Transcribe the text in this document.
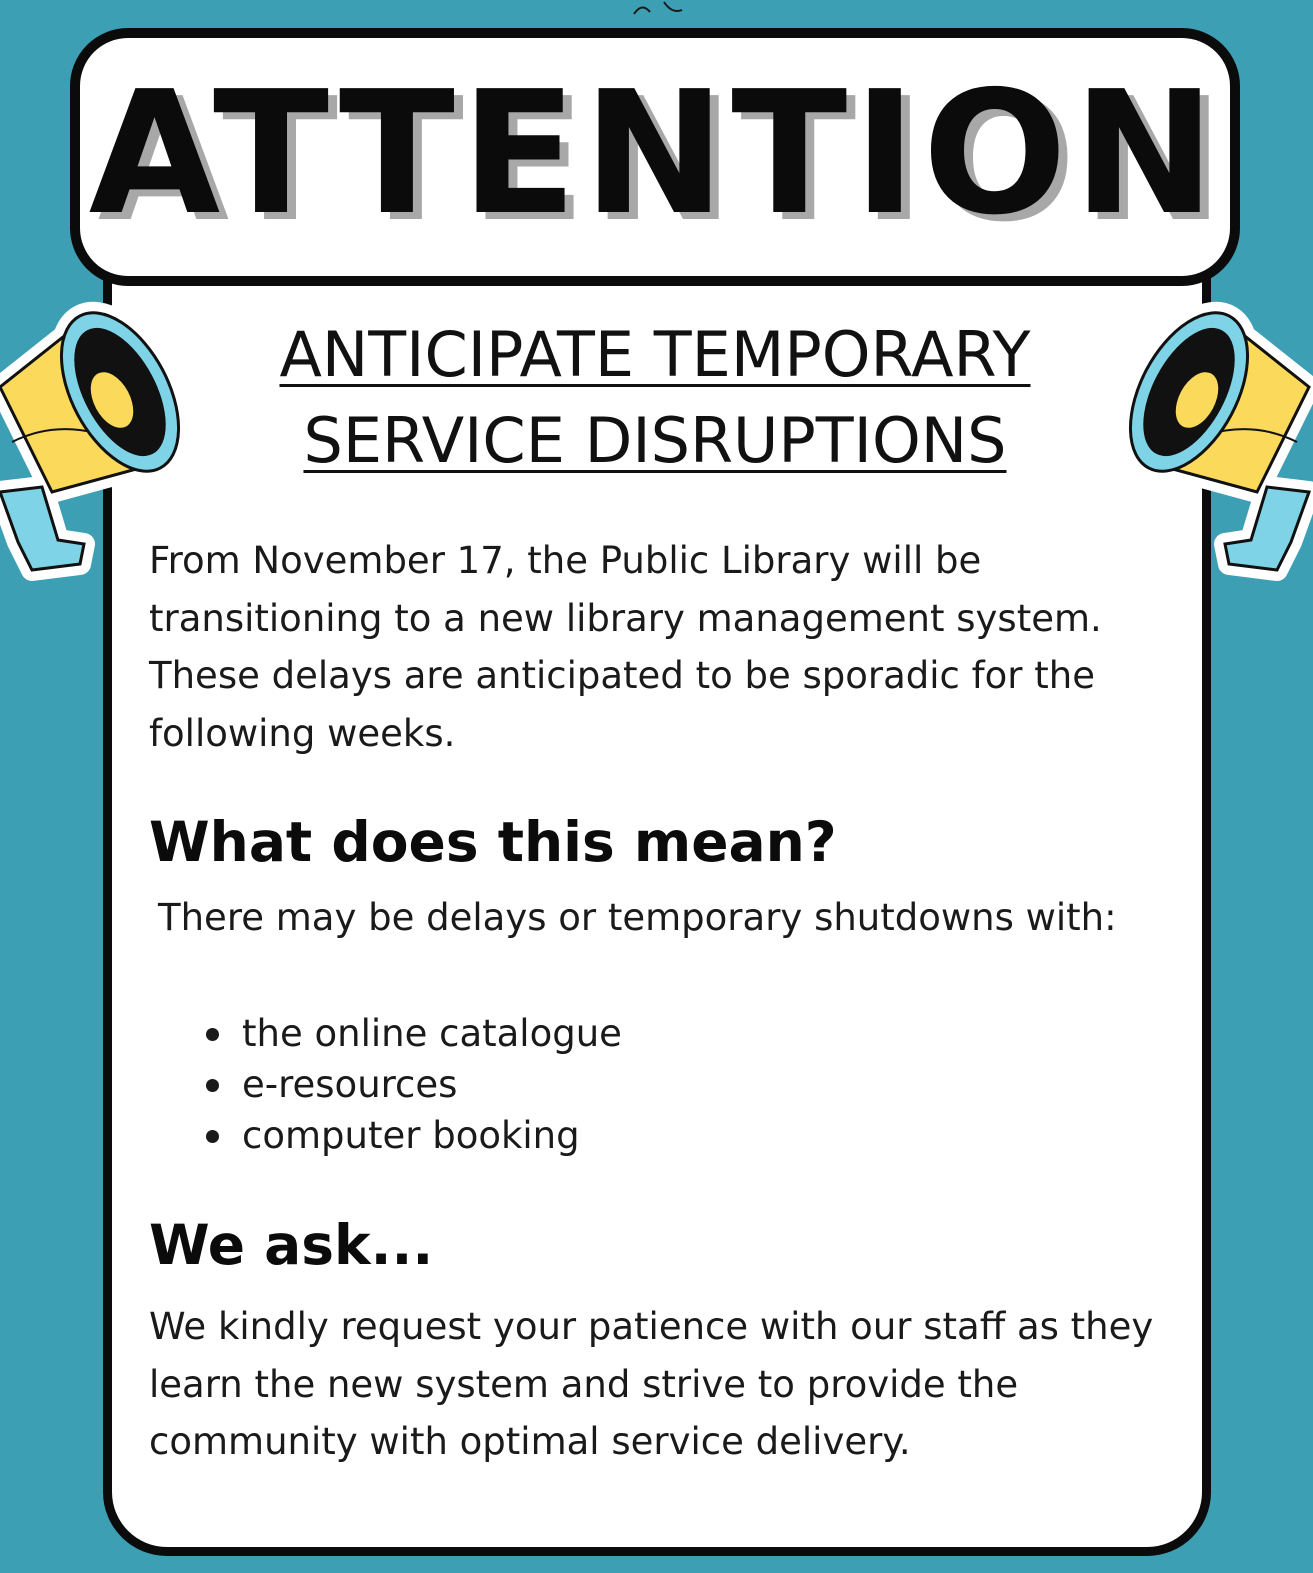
ATTENTION
ANTICIPATE TEMPORARY
SERVICE DISRUPTIONS

From November 17, the Public Library will be transitioning to a new library management system. These delays are anticipated to be sporadic for the following weeks.

What does this mean?

There may be delays or temporary shutdowns with:

the online catalogue
e-resources
computer booking
We ask...

We kindly request your patience with our staff as they learn the new system and strive to provide the community with optimal service delivery.
